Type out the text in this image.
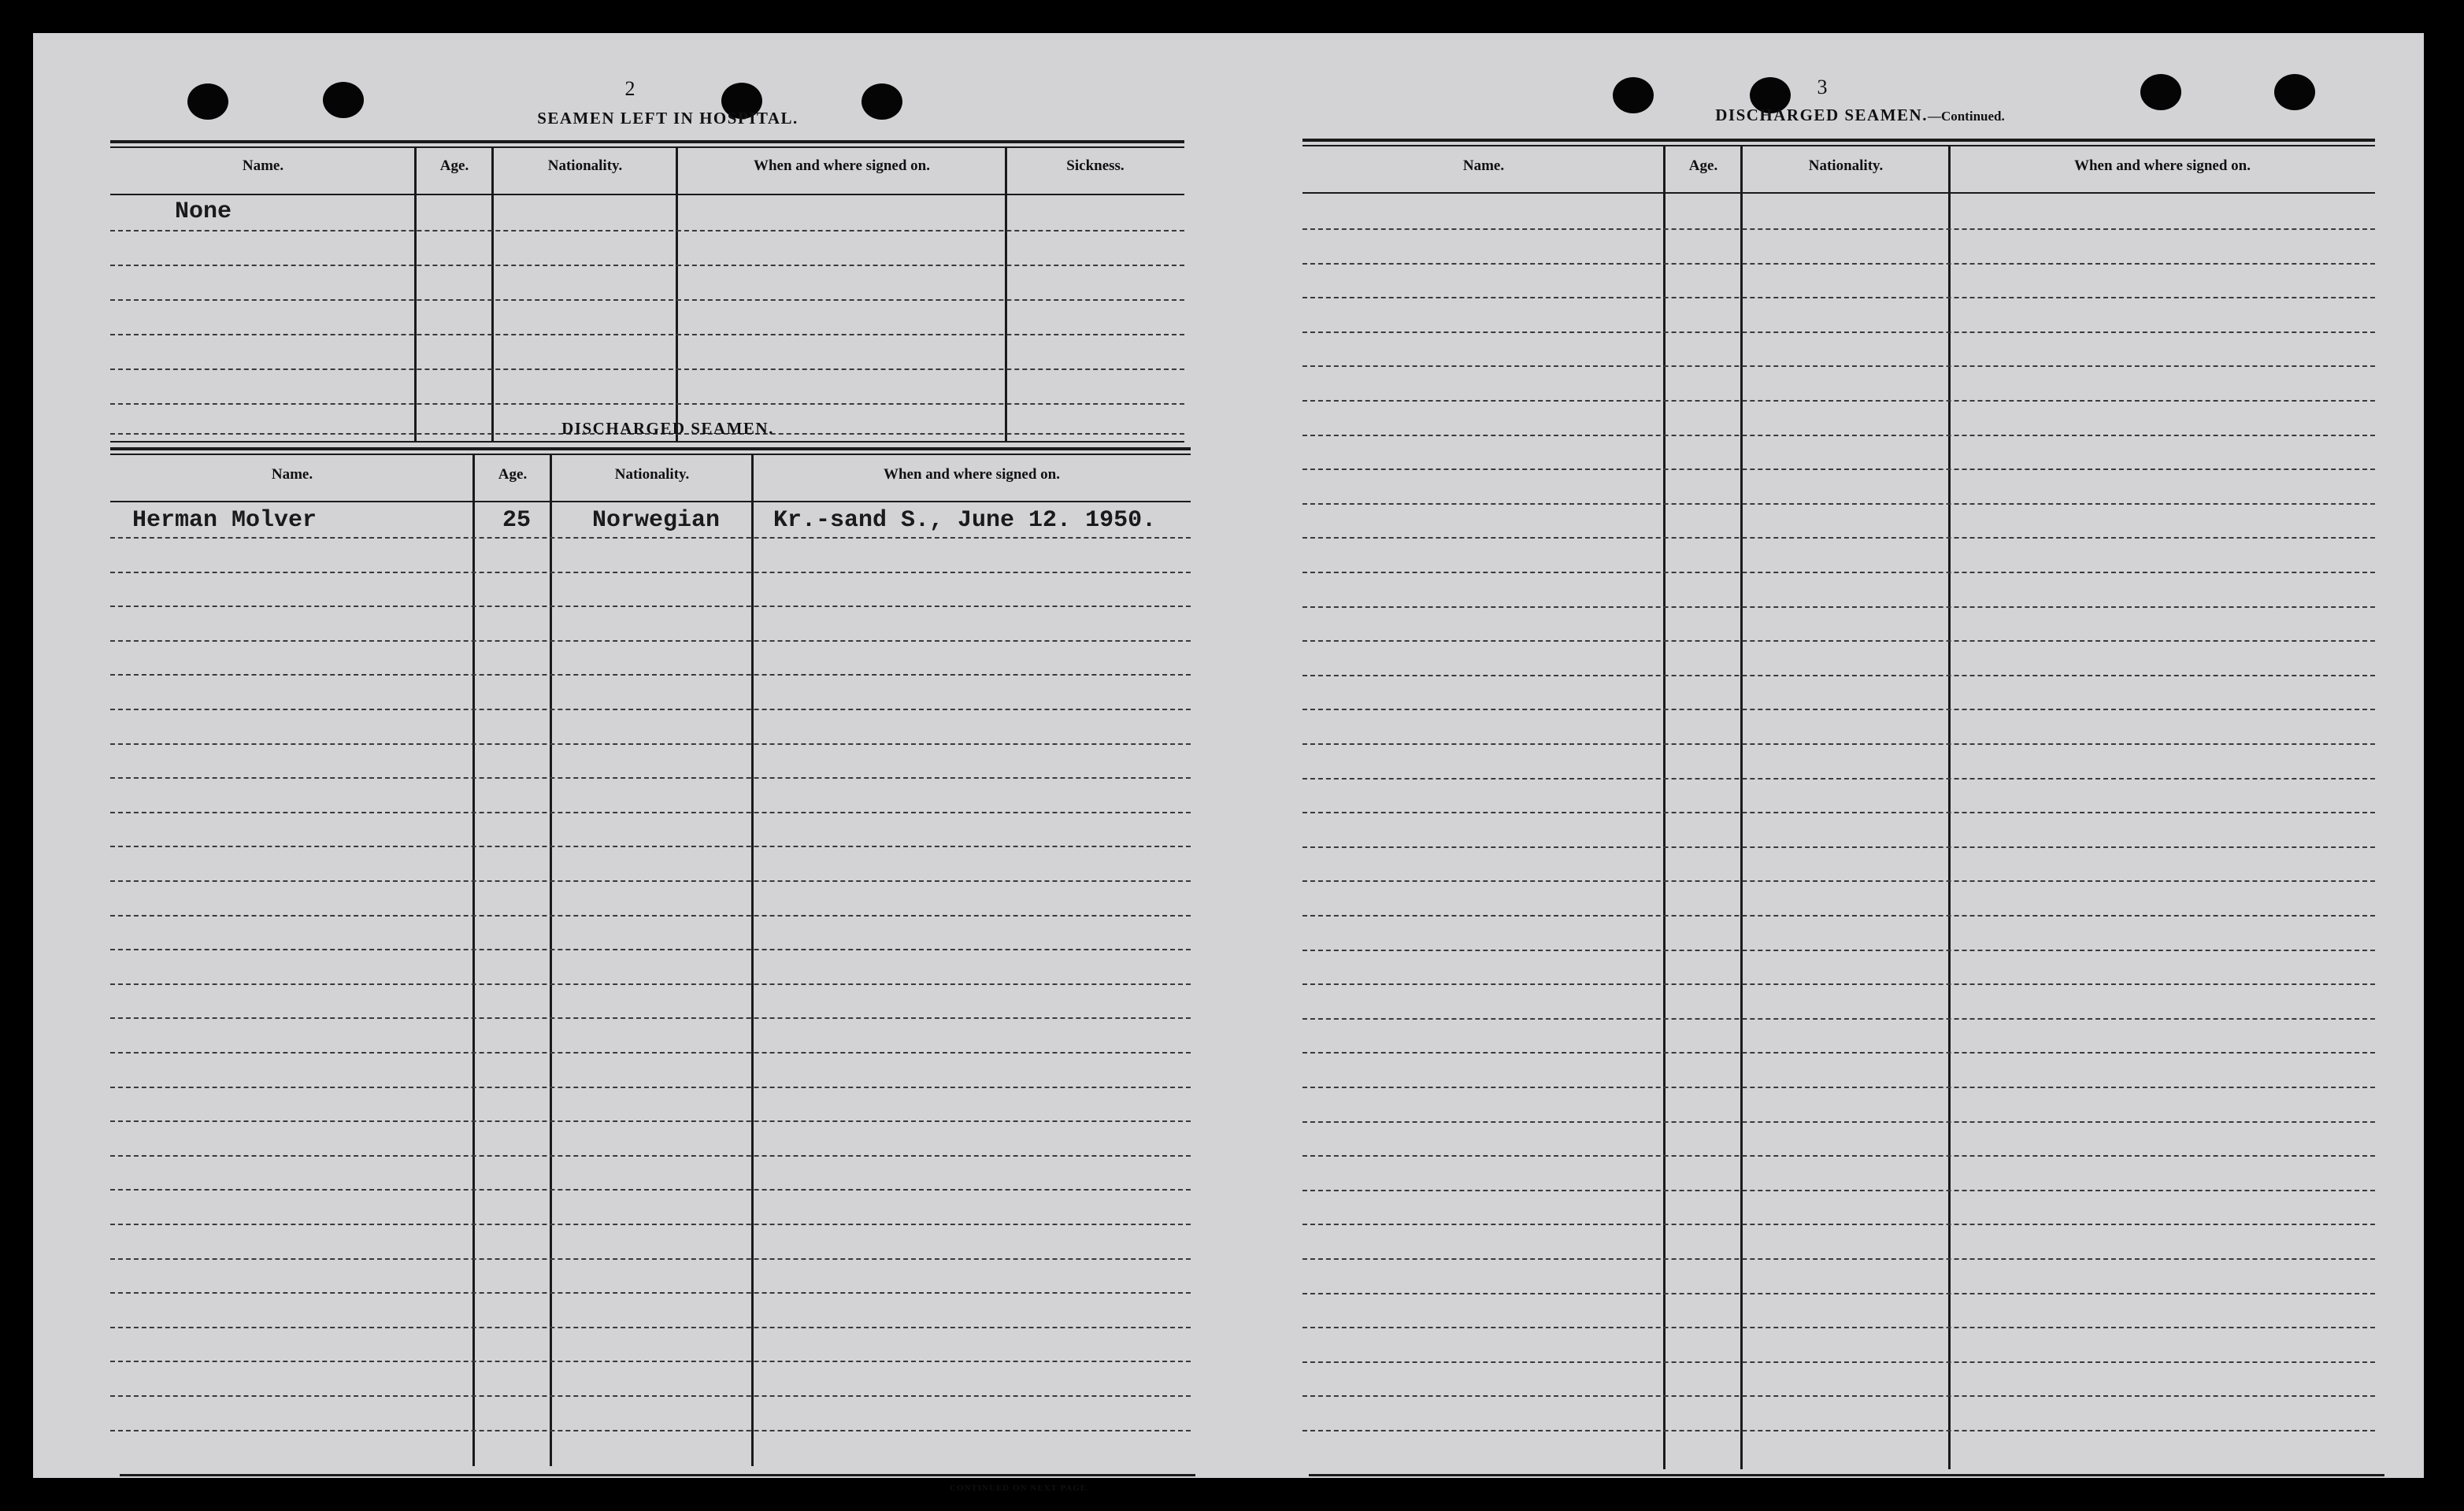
2
SEAMEN LEFT IN HOSPITAL.
Name.	Age.	Nationality.	When and where signed on.	Sickness.
None
DISCHARGED SEAMEN.
Name.	Age.	Nationality.	When and where signed on.
Herman Molver	25	Norwegian Kr.-sand S., June 12. 1950.
CONTINUED ON NEXT PAGE.
3
DISCHARGED SEAMEN.—Continued.
Name.	Age.	Nationality.	When and where signed on.
